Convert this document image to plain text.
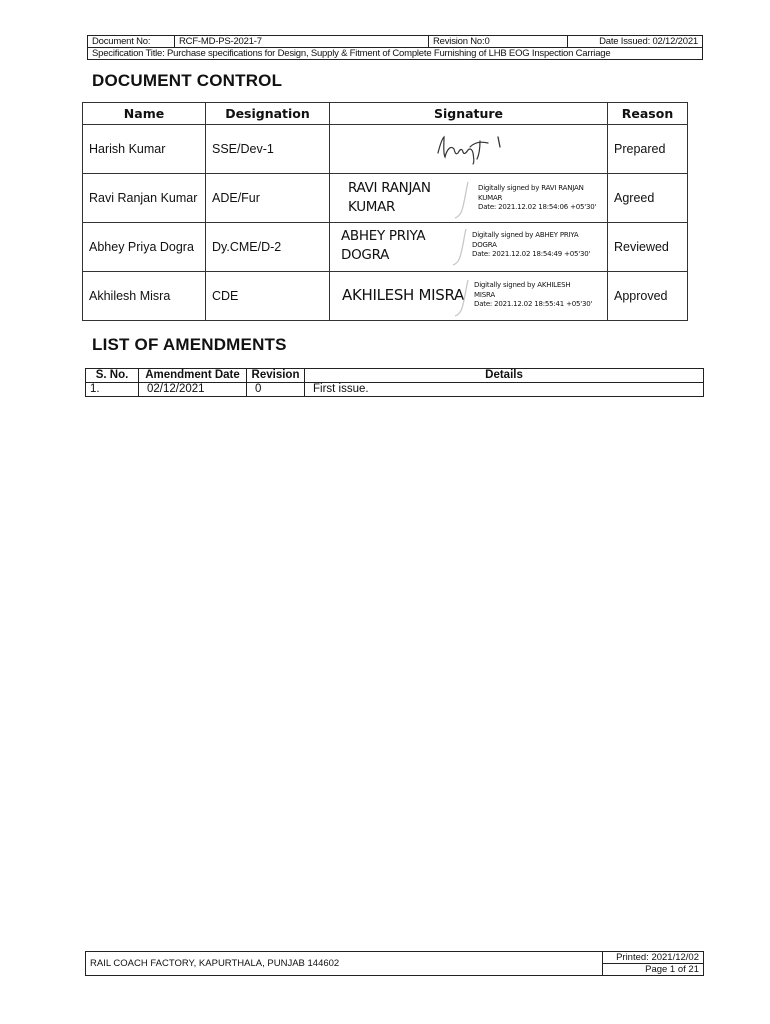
Document No:	RCF-MD-PS-2021-7	Revision No:0	Date Issued: 02/12/2021
Specification Title: Purchase specifications for Design, Supply & Fitment of Complete Furnishing of LHB EOG Inspection Carriage
DOCUMENT CONTROL
Name	Designation	Signature	Reason
Harish Kumar	SSE/Dev-1		Prepared
Ravi Ranjan Kumar	ADE/Fur	RAVI RANJAN
KUMAR
Digitally signed by RAVI RANJAN
KUMAR
Date: 2021.12.02 18:54:06 +05'30'	Agreed
Abhey Priya Dogra	Dy.CME/D-2	ABHEY PRIYA
DOGRA
Digitally signed by ABHEY PRIYA
DOGRA
Date: 2021.12.02 18:54:49 +05'30'	Reviewed
Akhilesh Misra	CDE	AKHILESH MISRA
Digitally signed by AKHILESH
MISRA
Date: 2021.12.02 18:55:41 +05'30'	Approved
LIST OF AMENDMENTS
S. No.	Amendment Date	Revision	Details
1.	02/12/2021	0	First issue.
RAIL COACH FACTORY, KAPURTHALA, PUNJAB 144602	Printed: 2021/12/02
Page 1 of 21
